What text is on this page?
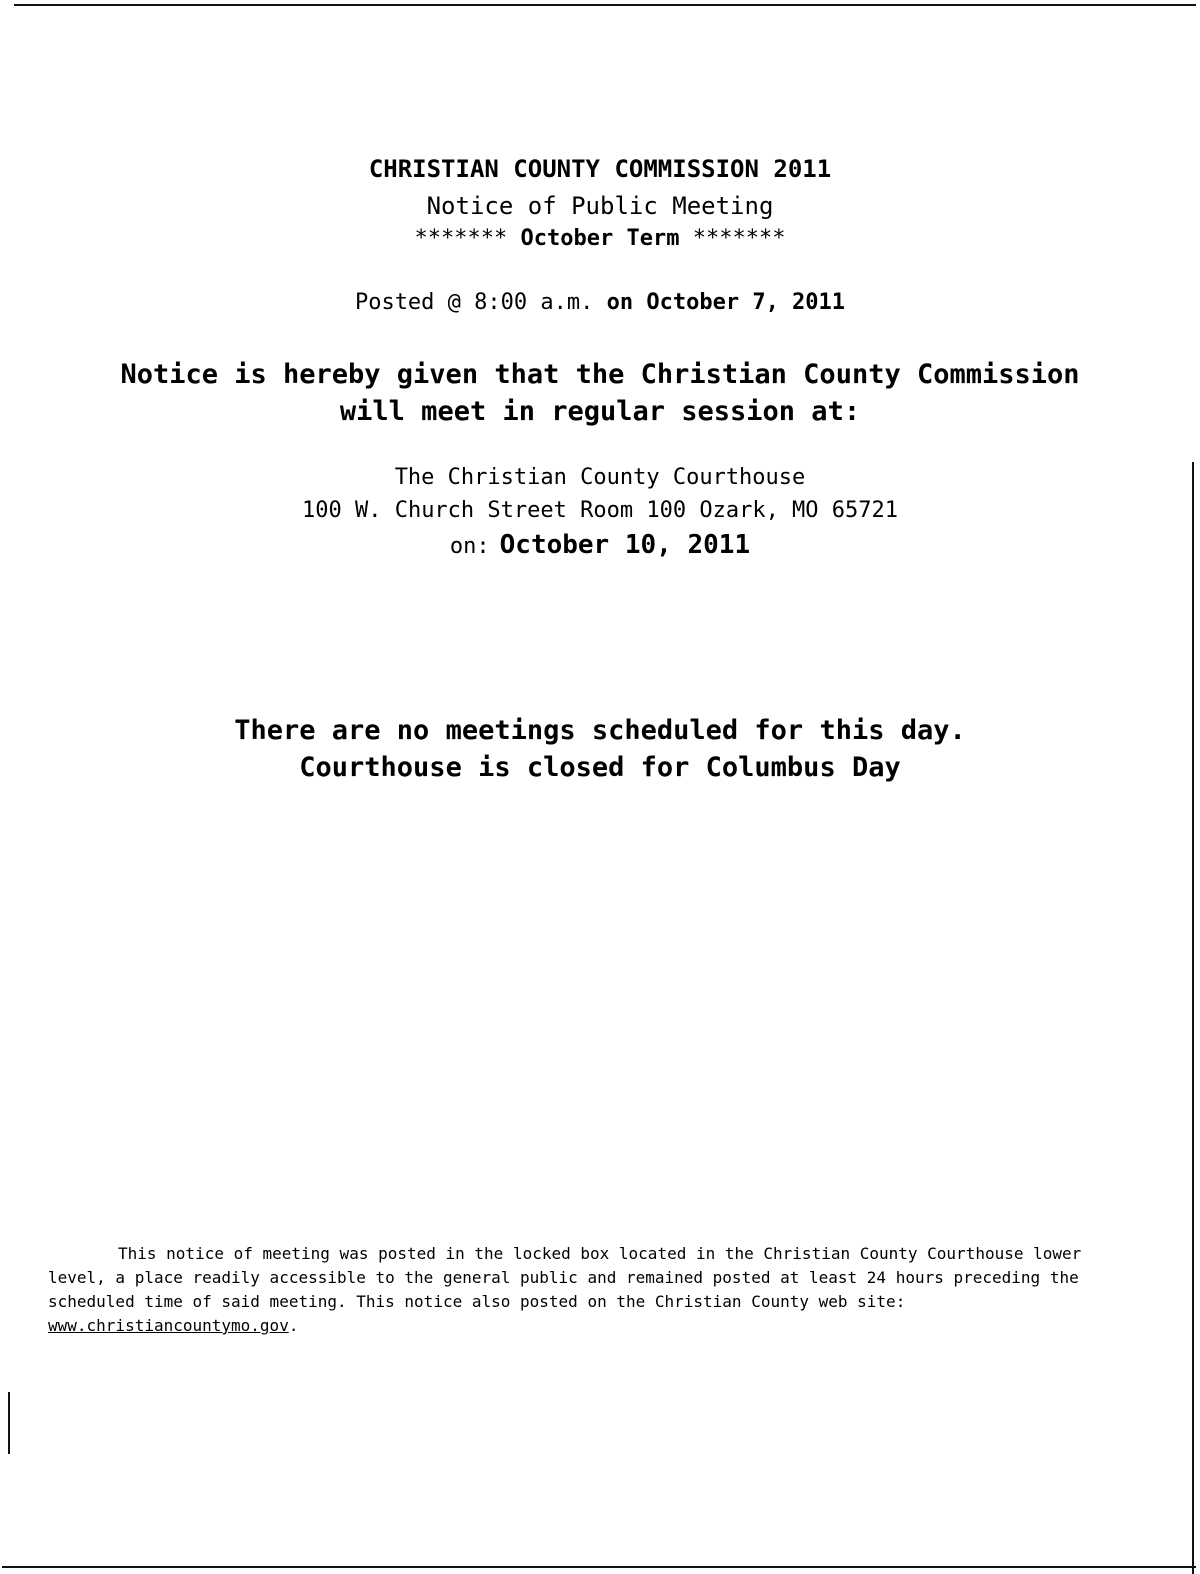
CHRISTIAN COUNTY COMMISSION 2011
Notice of Public Meeting
******* October Term *******
Posted @ 8:00 a.m. on October 7, 2011
Notice is hereby given that the Christian County Commission
will meet in regular session at:
The Christian County Courthouse
100 W. Church Street Room 100 Ozark, MO 65721
on: October 10, 2011
There are no meetings scheduled for this day.
Courthouse is closed for Columbus Day

This notice of meeting was posted in the locked box located in the Christian County Courthouse lower level, a place readily accessible to the general public and remained posted at least 24 hours preceding the scheduled time of said meeting. This notice also posted on the Christian County web site: www.christiancountymo.gov.
